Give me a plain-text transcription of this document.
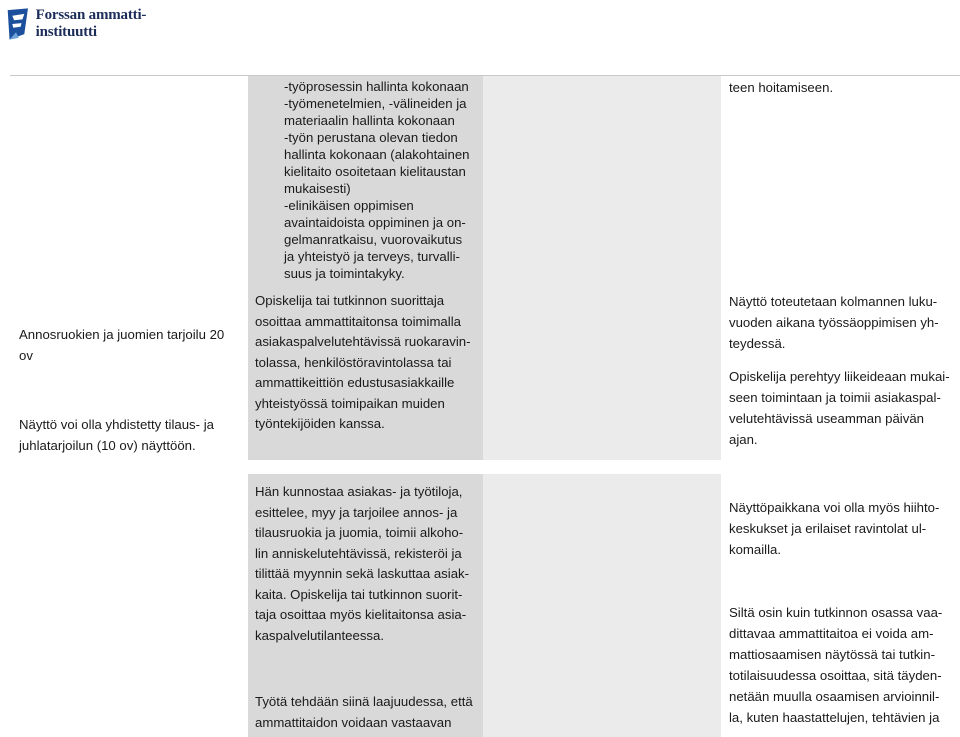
Forssan ammatti-instituutti
Annosruokien ja juomien tarjoilu 20
ov
Näyttö voi olla yhdistetty tilaus- ja
juhlatarjoilun (10 ov) näyttöön.
-työprosessin hallinta kokonaan
-työmenetelmien, -välineiden ja
materiaalin hallinta kokonaan
-työn perustana olevan tiedon
hallinta kokonaan (alakohtainen
kielitaito osoitetaan kielitaustan
mukaisesti)
-elinikäisen oppimisen
avaintaidoista oppiminen ja on-
gelmanratkaisu, vuorovaikutus
ja yhteistyö ja terveys, turvalli-
suus ja toimintakyky.
Opiskelija tai tutkinnon suorittaja
osoittaa ammattitaitonsa toimimalla
asiakaspalvelutehtävissä ruokaravin-
tolassa, henkilöstöravintolassa tai
ammattikeittiön edustusasiakkaille
yhteistyössä toimipaikan muiden
työntekijöiden kanssa.
teen hoitamiseen.
Näyttö toteutetaan kolmannen luku-
vuoden aikana työssäoppimisen yh-
teydessä.
Opiskelija perehtyy liikeideaan mukai-
seen toimintaan ja toimii asiakaspal-
velutehtävissä useamman päivän
ajan.
Hän kunnostaa asiakas- ja työtiloja,
esittelee, myy ja tarjoilee annos- ja
tilausruokia ja juomia, toimii alkoho-
lin anniskelutehtävissä, rekisteröi ja
tilittää myynnin sekä laskuttaa asiak-
kaita. Opiskelija tai tutkinnon suorit-
taja osoittaa myös kielitaitonsa asia-
kaspalvelutilanteessa.
Työtä tehdään siinä laajuudessa, että
ammattitaidon voidaan vastaavan
Näyttöpaikkana voi olla myös hiihto-
keskukset ja erilaiset ravintolat ul-
komailla.
Siltä osin kuin tutkinnon osassa vaa-
dittavaa ammattitaitoa ei voida am-
mattiosaamisen näytössä tai tutkin-
totilaisuudessa osoittaa, sitä täyden-
netään muulla osaamisen arvioinnil-
la, kuten haastattelujen, tehtävien ja
